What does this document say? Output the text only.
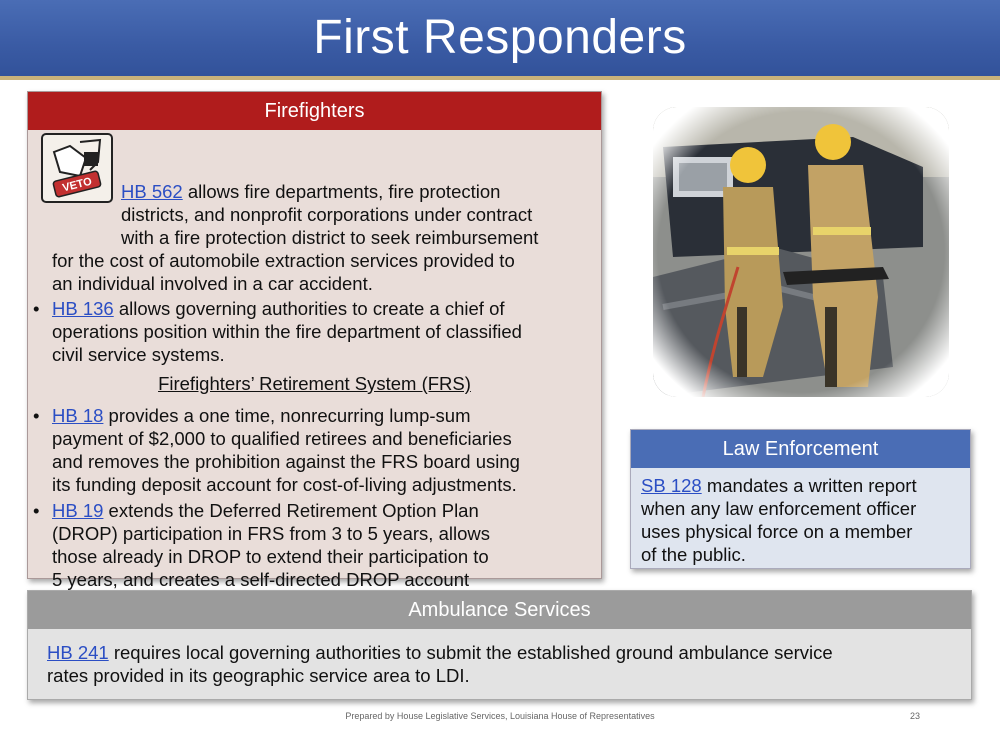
First Responders
Firefighters
VETO HB 562 allows fire departments, fire protection
districts, and nonprofit corporations under contract
with a fire protection district to seek reimbursement
for the cost of automobile extraction services provided to
an individual involved in a car accident.
• HB 136 allows governing authorities to create a chief of
operations position within the fire department of classified
civil service systems.
Firefighters’ Retirement System (FRS)
• HB 18 provides a one time, nonrecurring lump-sum
payment of $2,000 to qualified retirees and beneficiaries
and removes the prohibition against the FRS board using
its funding deposit account for cost-of-living adjustments.
• HB 19 extends the Deferred Retirement Option Plan
(DROP) participation in FRS from 3 to 5 years, allows
those already in DROP to extend their participation to
5 years, and creates a self-directed DROP account
Law Enforcement
SB 128 mandates a written report
when any law enforcement officer
uses physical force on a member
of the public.
Ambulance Services
HB 241 requires local governing authorities to submit the established ground ambulance service
rates provided in its geographic service area to LDI.
Prepared by House Legislative Services, Louisiana House of Representatives	23
